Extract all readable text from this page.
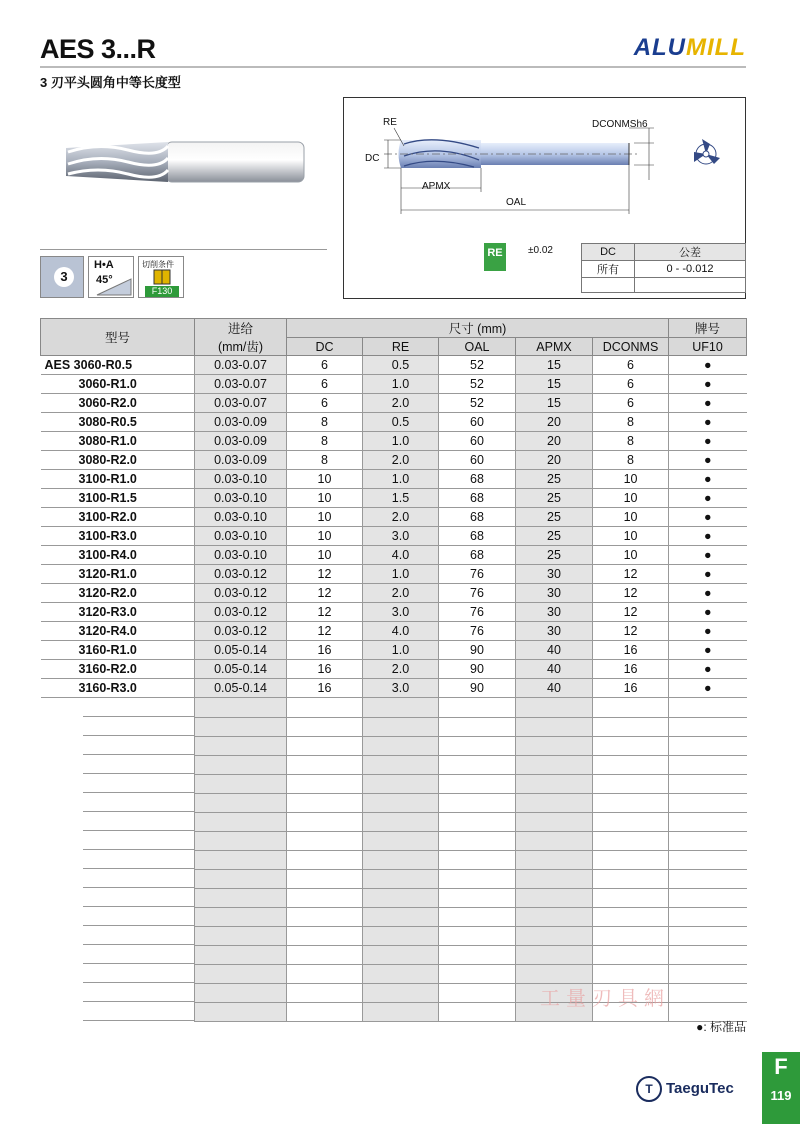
AES 3...R	ALUMILL
3 刃平头圆角中等长度型
3
H•A
45°
切削条件
F130
RE
DC
DCONMSh6
APMX
OAL
RE	±0.02	DC	公差
所有	0 - -0.012

型号	进给
(mm/齿)	尺寸 (mm)					牌号
		DC	RE	OAL	APMX	DCONMS	UF10
AES 3060-R0.5	0.03-0.07	6	0.5	52	15	6	●
3060-R1.0	0.03-0.07	6	1.0	52	15	6	●
3060-R2.0	0.03-0.07	6	2.0	52	15	6	●
3080-R0.5	0.03-0.09	8	0.5	60	20	8	●
3080-R1.0	0.03-0.09	8	1.0	60	20	8	●
3080-R2.0	0.03-0.09	8	2.0	60	20	8	●
3100-R1.0	0.03-0.10	10	1.0	68	25	10	●
3100-R1.5	0.03-0.10	10	1.5	68	25	10	●
3100-R2.0	0.03-0.10	10	2.0	68	25	10	●
3100-R3.0	0.03-0.10	10	3.0	68	25	10	●
3100-R4.0	0.03-0.10	10	4.0	68	25	10	●
3120-R1.0	0.03-0.12	12	1.0	76	30	12	●
3120-R2.0	0.03-0.12	12	2.0	76	30	12	●
3120-R3.0	0.03-0.12	12	3.0	76	30	12	●
3120-R4.0	0.03-0.12	12	4.0	76	30	12	●
3160-R1.0	0.05-0.14	16	1.0	90	40	16	●
3160-R2.0	0.05-0.14	16	2.0	90	40	16	●
3160-R3.0	0.05-0.14	16	3.0	90	40	16	●

工量刃具網
●: 标准品
T TaeguTec
F
119
